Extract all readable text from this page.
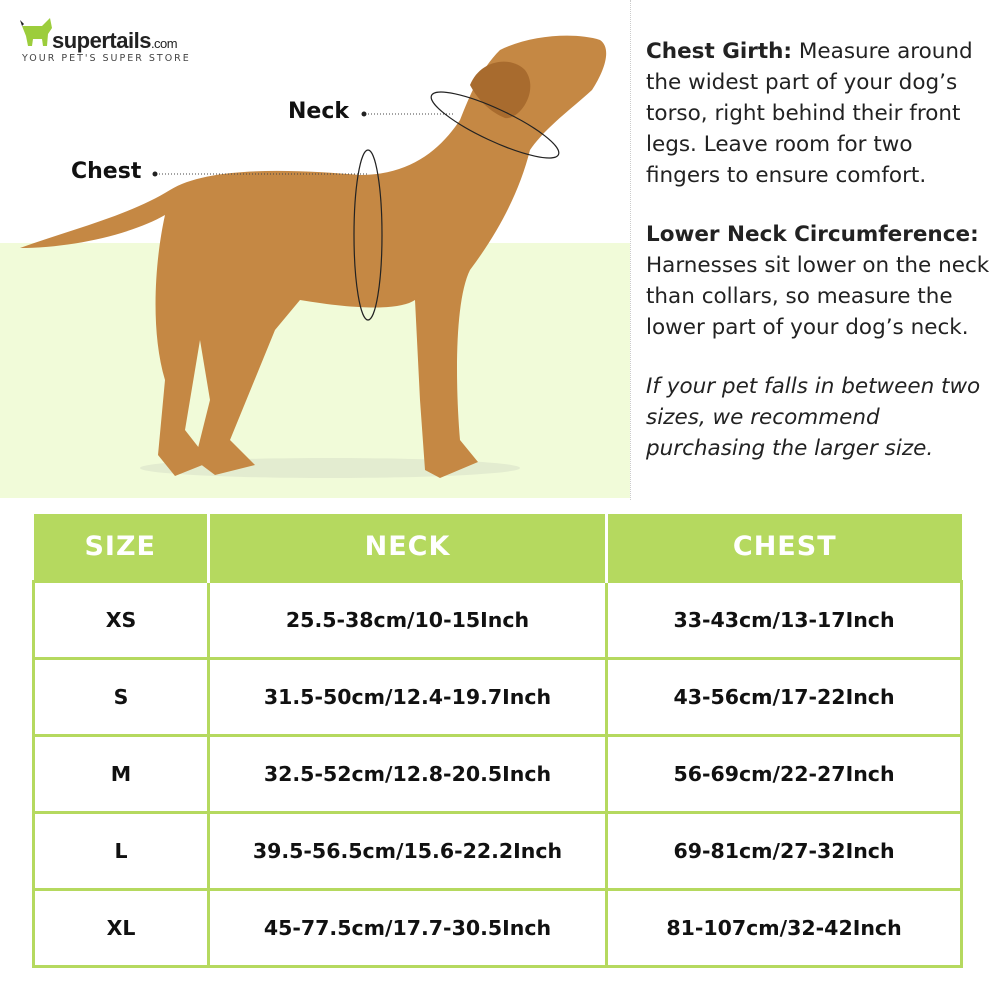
supertails.com
YOUR PET'S SUPER STORE
Neck
Chest

Chest Girth: Measure around the widest part of your dog’s torso, right behind their front legs. Leave room for two fingers to ensure comfort.

Lower Neck Circumference:
Harnesses sit lower on the neck than collars, so measure the lower part of your dog’s neck.

If your pet falls in between two sizes, we recommend purchasing the larger size.

SIZE	NECK	CHEST
XS	25.5-38cm/10-15Inch	33-43cm/13-17Inch
S	31.5-50cm/12.4-19.7Inch	43-56cm/17-22Inch
M	32.5-52cm/12.8-20.5Inch	56-69cm/22-27Inch
L	39.5-56.5cm/15.6-22.2Inch	69-81cm/27-32Inch
XL	45-77.5cm/17.7-30.5Inch	81-107cm/32-42Inch
